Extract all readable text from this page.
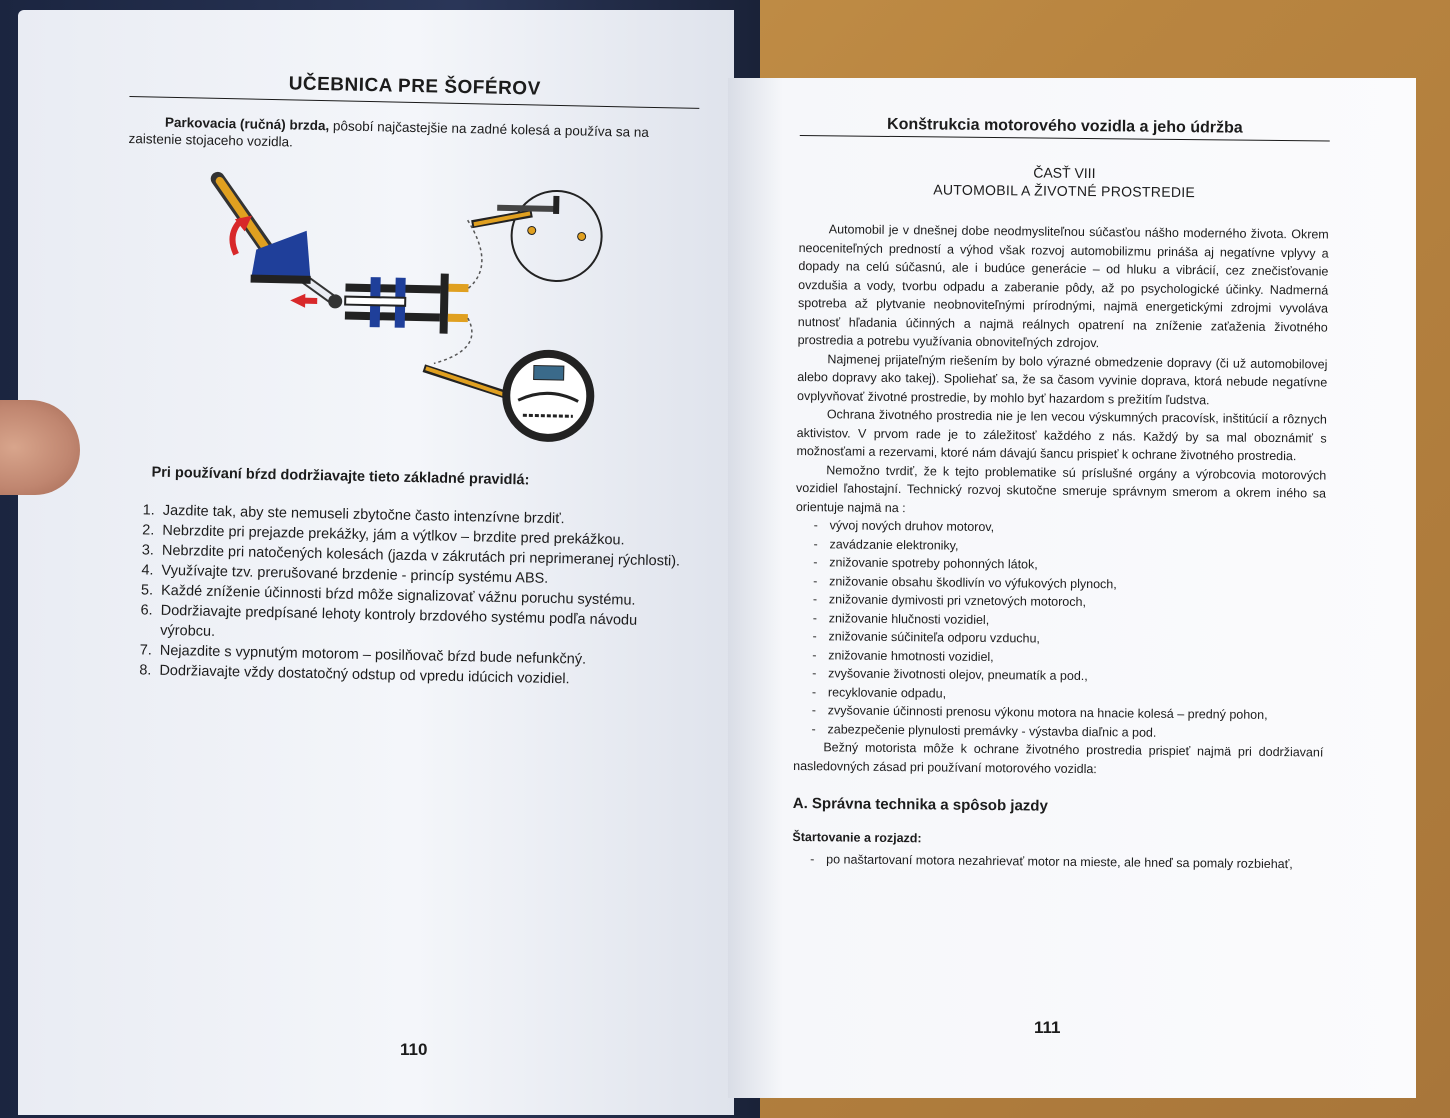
UČEBNICA PRE ŠOFÉROV

Parkovacia (ručná) brzda, pôsobí najčastejšie na zadné kolesá a používa sa na zaistenie stojaceho vozidla.

Pri používaní bŕzd dodržiavajte tieto základné pravidlá:
1. Jazdite tak, aby ste nemuseli zbytočne často intenzívne brzdiť.
2. Nebrzdite pri prejazde prekážky, jám a výtlkov – brzdite pred prekážkou.
3. Nebrzdite pri natočených kolesách (jazda v zákrutách pri neprimeranej rýchlosti).
4. Využívajte tzv. prerušované brzdenie - princíp systému ABS.
5. Každé zníženie účinnosti bŕzd môže signalizovať vážnu poruchu systému.
6. Dodržiavajte predpísané lehoty kontroly brzdového systému podľa návodu výrobcu.
7. Nejazdite s vypnutým motorom – posilňovač bŕzd bude nefunkčný.
8. Dodržiavajte vždy dostatočný odstup od vpredu idúcich vozidiel.
110
Konštrukcia motorového vozidla a jeho údržba
ČASŤ VIII
AUTOMOBIL A ŽIVOTNÉ PROSTREDIE

Automobil je v dnešnej dobe neodmysliteľnou súčasťou nášho moderného života. Okrem neoceniteľných predností a výhod však rozvoj automobilizmu prináša aj negatívne vplyvy a dopady na celú súčasnú, ale i budúce generácie – od hluku a vibrácií, cez znečisťovanie ovzdušia a vody, tvorbu odpadu a zaberanie pôdy, až po psychologické účinky. Nadmerná spotreba až plytvanie neobnoviteľnými prírodnými, najmä energetickými zdrojmi vyvoláva nutnosť hľadania účinných a najmä reálnych opatrení na zníženie zaťaženia životného prostredia a potrebu využívania obnoviteľných zdrojov.

Najmenej prijateľným riešením by bolo výrazné obmedzenie dopravy (či už automobilovej alebo dopravy ako takej). Spoliehať sa, že sa časom vyvinie doprava, ktorá nebude negatívne ovplyvňovať životné prostredie, by mohlo byť hazardom s prežitím ľudstva.

Ochrana životného prostredia nie je len vecou výskumných pracovísk, inštitúcií a rôznych aktivistov. V prvom rade je to záležitosť každého z nás. Každý by sa mal oboznámiť s možnosťami a rezervami, ktoré nám dávajú šancu prispieť k ochrane životného prostredia.

Nemožno tvrdiť, že k tejto problematike sú príslušné orgány a výrobcovia motorových vozidiel ľahostajní. Technický rozvoj skutočne smeruje správnym smerom a okrem iného sa orientuje najmä na :

- vývoj nových druhov motorov,
- zavádzanie elektroniky,
- znižovanie spotreby pohonných látok,
- znižovanie obsahu škodlivín vo výfukových plynoch,
- znižovanie dymivosti pri vznetových motoroch,
- znižovanie hlučnosti vozidiel,
- znižovanie súčiniteľa odporu vzduchu,
- znižovanie hmotnosti vozidiel,
- zvyšovanie životnosti olejov, pneumatík a pod.,
- recyklovanie odpadu,
- zvyšovanie účinnosti prenosu výkonu motora na hnacie kolesá – predný pohon,
- zabezpečenie plynulosti premávky - výstavba diaľnic a pod.

Bežný motorista môže k ochrane životného prostredia prispieť najmä pri dodržiavaní nasledovných zásad pri používaní motorového vozidla:

A. Správna technika a spôsob jazdy
Štartovanie a rozjazd:
- po naštartovaní motora nezahrievať motor na mieste, ale hneď sa pomaly rozbiehať,
111
